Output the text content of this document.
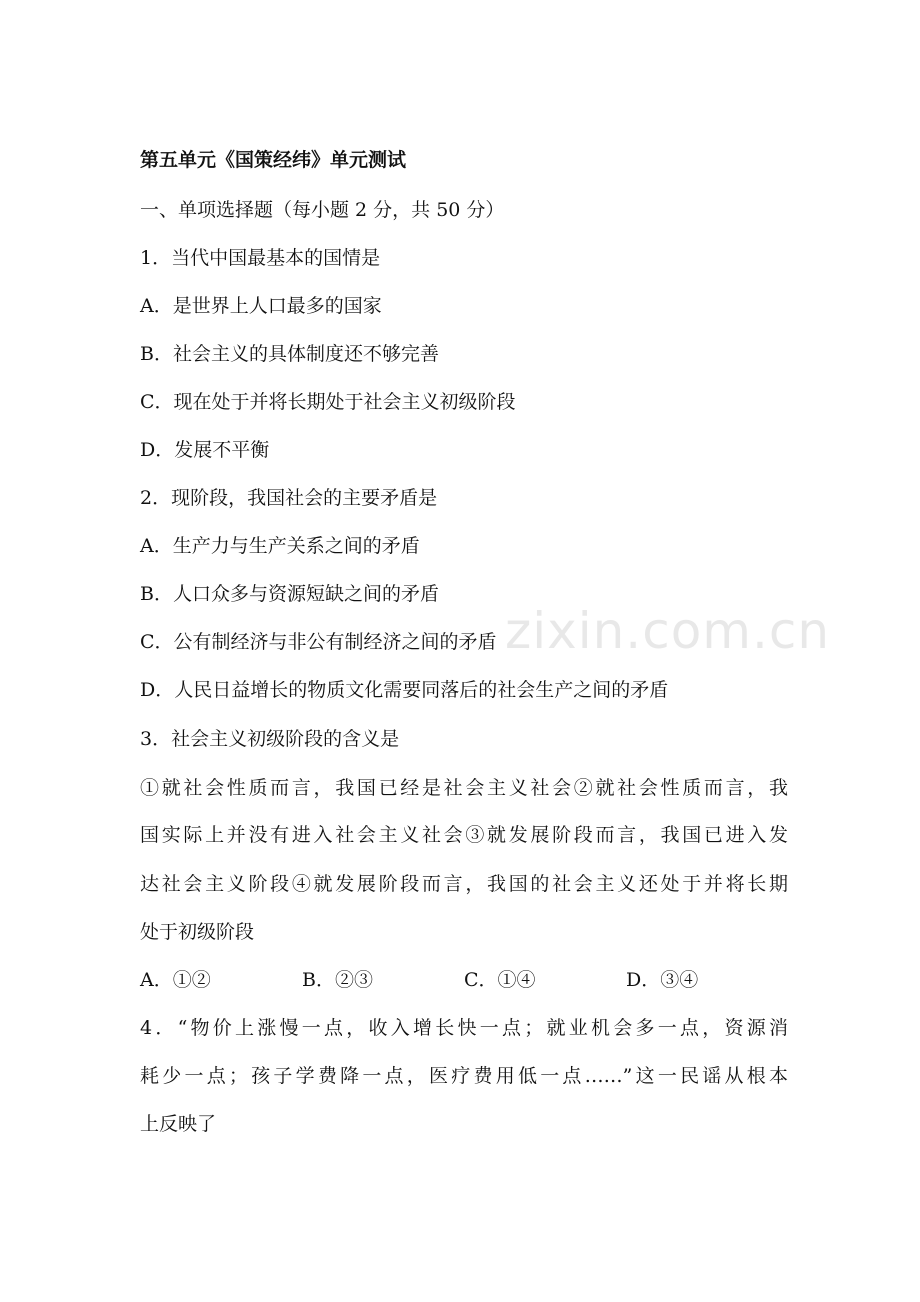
zixin.com.cn
第五单元《国策经纬》单元测试
一、单项选择题（每小题 2 分，共 50 分）
1．当代中国最基本的国情是
A．是世界上人口最多的国家
B．社会主义的具体制度还不够完善
C．现在处于并将长期处于社会主义初级阶段
D．发展不平衡
2．现阶段，我国社会的主要矛盾是
A．生产力与生产关系之间的矛盾
B．人口众多与资源短缺之间的矛盾
C．公有制经济与非公有制经济之间的矛盾
D．人民日益增长的物质文化需要同落后的社会生产之间的矛盾
3．社会主义初级阶段的含义是
①就社会性质而言，我国已经是社会主义社会②就社会性质而言，我
国实际上并没有进入社会主义社会③就发展阶段而言，我国已进入发
达社会主义阶段④就发展阶段而言，我国的社会主义还处于并将长期
处于初级阶段
A．①②	B．②③	C．①④	D．③④
4．“物价上涨慢一点，收入增长快一点；就业机会多一点，资源消
耗少一点；孩子学费降一点，医疗费用低一点……”这一民谣从根本
上反映了
